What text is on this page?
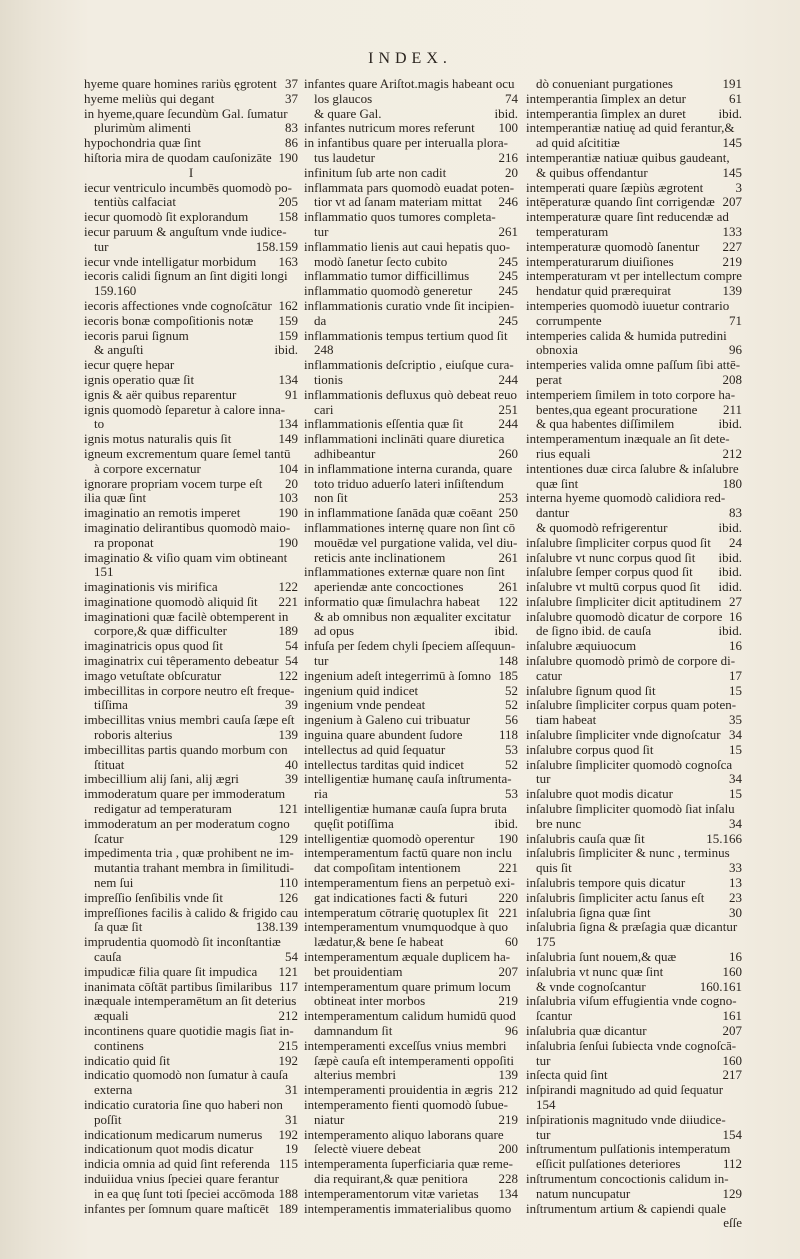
INDEX.
hyeme quare homines rariùs ęgrotent 37
hyeme meliùs qui degant	37
in hyeme,quare ſecundùm Gal. ſumatur
plurimùm alimenti	83
hypochondria quæ ſint	86
hiſtoria mira de quodam cauſonizāte 190
I
iecur ventriculo incumbēs quomodò po-
tentiùs calfaciat	205
iecur quomodò ſit explorandum 158
iecur paruum & anguſtum vnde iudice-
tur	158.159
iecur vnde intelligatur morbidum 163
iecoris calidi ſignum an ſint digiti longi
159.160
iecoris affectiones vnde cognoſcātur 162
iecoris bonæ compoſitionis notæ 159
iecoris parui ſignum	159
& anguſti	ibid.
iecur quęre hepar
ignis operatio quæ ſit	134
ignis & aër quibus reparentur	91
ignis quomodò ſeparetur à calore inna-
to	134
ignis motus naturalis quis ſit	149
igneum excrementum quare ſemel tantū
à corpore excernatur	104
ignorare propriam vocem turpe eſt 20
ilia quæ ſint	103
imaginatio an remotis imperet	190
imaginatio delirantibus quomodò maio-
ra proponat	190
imaginatio & viſio quam vim obtineant
151
imaginationis vis mirifica	122
imaginatione quomodò aliquid ſit 221
imaginationi quæ facilè obtemperent in
corpore,& quæ difficulter	189
imaginatricis opus quod ſit	54
imaginatrix cui têperamento debeatur 54
imago vetuſtate obſcuratur	122
imbecillitas in corpore neutro eſt freque-
tiſſima	39
imbecillitas vnius membri cauſa ſæpe eſt
roboris alterius	139
imbecillitas partis quando morbum con
ſtituat	40
imbecillium alij ſani, alij ægri	39
immoderatum quare per immoderatum
redigatur ad temperaturam	121
immoderatum an per moderatum cogno
ſcatur	129
impedimenta tria , quæ prohibent ne im-
mutantia trahant membra in ſimilitudi-
nem ſui	110
impreſſio ſenſibilis vnde ſit	126
impreſſiones facilis à calido & frigido cau
ſa quæ ſit	138.139
imprudentia quomodò ſit inconſtantiæ
cauſa	54
impudicæ filia quare ſit impudica 121
inanimata cōſtāt partibus ſimilaribus 117
inæquale intemperamētum an ſit deterius
æquali	212
incontinens quare quotidie magis ſiat in-
continens	215
indicatio quid ſit	192
indicatio quomodò non ſumatur à cauſa
externa	31
indicatio curatoria ſine quo haberi non
poſſit	31
indicationum medicarum numerus 192
indicationum quot modis dicatur 19
indicia omnia ad quid ſint referenda 115
induiidua vnius ſpeciei quare ferantur
in ea quę ſunt toti ſpeciei accōmoda 188
infantes per ſomnum quare maſticēt 189
infantes quare Ariſtot.magis habeant ocu
los glaucos	74
& quare Gal.	ibid.
infantes nutricum mores referunt 100
in infantibus quare per interualla plora-
tus laudetur	216
infinitum ſub arte non cadit	20
inflammata pars quomodò euadat poten-
tior vt ad ſanam materiam mittat 246
inflammatio quos tumores completa-
tur	261
inflammatio lienis aut caui hepatis quo-
modò ſanetur ſecto cubito	245
inflammatio tumor difficillimus 245
inflammatio quomodò generetur 245
inflammationis curatio vnde ſit incipien-
da	245
inflammationis tempus tertium quod ſit
248
inflammationis deſcriptio , eiuſque cura-
tionis	244
inflammationis defluxus quò debeat reuo
cari	251
inflammationis eſſentia quæ ſit	244
inflammationi inclināti quare diuretica
adhibeantur	260
in inflammatione interna curanda, quare
toto triduo aduerſo lateri inſiſtendum
non ſit	253
in inflammatione ſanāda quæ coēant 250
inflammationes internę quare non ſint cō
mouēdæ vel purgatione valida, vel diu-
reticis ante inclinationem	261
inflammationes externæ quare non ſint
aperiendæ ante concoctiones	261
informatio quæ ſimulachra habeat 122
& ab omnibus non æqualiter excitatur
ad opus	ibid.
infuſa per ſedem chyli ſpeciem aſſequun-
tur	148
ingenium adeſt integerrimū à ſomno 185
ingenium quid indicet	52
ingenium vnde pendeat	52
ingenium à Galeno cui tribuatur	56
inguina quare abundent ſudore	118
intellectus ad quid ſequatur	53
intellectus tarditas quid indicet	52
intelligentiæ humanę cauſa inſtrumenta-
ria	53
intelligentiæ humanæ cauſa ſupra bruta
quęſit potiſſima	ibid.
intelligentiæ quomodò operentur 190
intemperamentum factū quare non inclu
dat compoſitam intentionem	221
intemperamentum fiens an perpetuò exi-
gat indicationes facti & futuri 220
intemperatum cōtrarię quotuplex ſit 221
intemperamentum vnumquodque à quo
lædatur,& bene ſe habeat	60
intemperamentum æquale duplicem ha-
bet prouidentiam	207
intemperamentum quare primum locum
obtineat inter morbos	219
intemperamentum calidum humidū quod
damnandum ſit	96
intemperamenti exceſſus vnius membri
ſæpè cauſa eſt intemperamenti oppoſiti
alterius membri	139
intemperamenti prouidentia in ægris 212
intemperamento fienti quomodò ſubue-
niatur	219
intemperamento aliquo laborans quare
ſelectè viuere debeat	200
intemperamenta ſuperficiaria quæ reme-
dia requirant,& quæ penitiora 228
intemperamentorum vitæ varietas 134
intemperamentis immaterialibus quomo
dò conueniant purgationes	191
intemperantia ſimplex an detur	61
intemperantia ſimplex an duret	ibid.
intemperantiæ natiuę ad quid ferantur,&
ad quid aſcititiæ	145
intemperantiæ natiuæ quibus gaudeant,
& quibus offendantur	145
intemperati quare ſæpiùs ægrotent 3
intēperaturæ quando ſint corrigendæ 207
intemperaturæ quare ſint reducendæ ad
temperaturam	133
intemperaturæ quomodò ſanentur 227
intemperaturarum diuiſiones	219
intemperaturam vt per intellectum compre
hendatur quid prærequirat	139
intemperies quomodò iuuetur contrario
corrumpente	71
intemperies calida & humida putredini
obnoxia	96
intemperies valida omne paſſum ſibi attē-
perat	208
intemperiem ſimilem in toto corpore ha-
bentes,qua egeant procuratione 211
& qua habentes diſſimilem	ibid.
intemperamentum inæquale an ſit dete-
rius equali	212
intentiones duæ circa ſalubre & inſalubre
quæ ſint	180
interna hyeme quomodò calidiora red-
dantur	83
& quomodò refrigerentur	ibid.
inſalubre ſimpliciter corpus quod ſit 24
inſalubre vt nunc corpus quod ſit ibid.
inſalubre ſemper corpus quod ſit ibid.
inſalubre vt multū corpus quod ſit idid.
inſalubre ſimpliciter dicit aptitudinem 27
inſalubre quomodò dicatur de corpore 16
de ſigno ibid. de cauſa	ibid.
inſalubre æquiuocum	16
inſalubre quomodò primò de corpore di-
catur	17
inſalubre ſignum quod ſit	15
inſalubre ſimpliciter corpus quam poten-
tiam habeat	35
inſalubre ſimpliciter vnde dignoſcatur 34
inſalubre corpus quod ſit	15
inſalubre ſimpliciter quomodò cognoſca
tur	34
inſalubre quot modis dicatur	15
inſalubre ſimpliciter quomodò ſiat inſalu
bre nunc	34
inſalubris cauſa quæ ſit	15.166
inſalubris ſimpliciter & nunc , terminus
quis ſit	33
inſalubris tempore quis dicatur	13
inſalubris ſimpliciter actu ſanus eſt 23
inſalubria ſigna quæ ſint	30
inſalubria ſigna & præſagia quæ dicantur
175
inſalubria ſunt nouem,& quæ	16
inſalubria vt nunc quæ ſint	160
& vnde cognoſcantur	160.161
inſalubria viſum effugientia vnde cogno-
ſcantur	161
inſalubria quæ dicantur	207
inſalubria ſenſui ſubiecta vnde cognoſcā-
tur	160
inſecta quid ſint	217
inſpirandi magnitudo ad quid ſequatur
154
inſpirationis magnitudo vnde diiudice-
tur	154
inſtrumentum pulſationis intemperatum
eſſicit pulſationes deteriores	112
inſtrumentum concoctionis calidum in-
natum nuncupatur	129
inſtrumentum artium & capiendi quale
eſſe
